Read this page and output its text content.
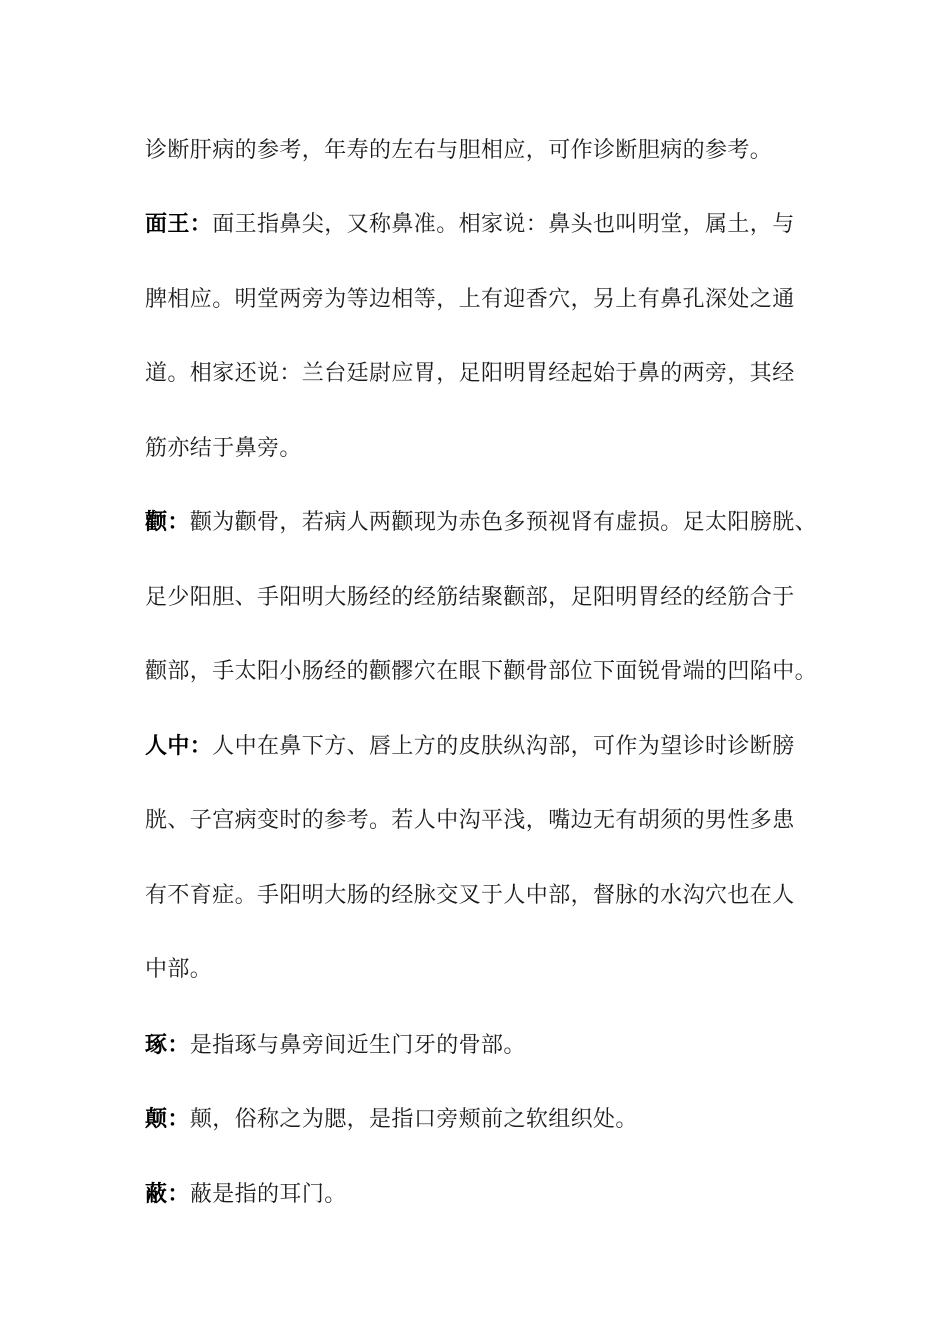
诊断肝病的参考，年寿的左右与胆相应，可作诊断胆病的参考。
面王：面王指鼻尖，又称鼻准。相家说：鼻头也叫明堂，属土，与
脾相应。明堂两旁为等边相等，上有迎香穴，另上有鼻孔深处之通
道。相家还说：兰台廷尉应胃，足阳明胃经起始于鼻的两旁，其经
筋亦结于鼻旁。
颧：颧为颧骨，若病人两颧现为赤色多预视肾有虚损。足太阳膀胱、
足少阳胆、手阳明大肠经的经筋结聚颧部，足阳明胃经的经筋合于
颧部，手太阳小肠经的颧髎穴在眼下颧骨部位下面锐骨端的凹陷中。
人中：人中在鼻下方、唇上方的皮肤纵沟部，可作为望诊时诊断膀
胱、子宫病变时的参考。若人中沟平浅，嘴边无有胡须的男性多患
有不育症。手阳明大肠的经脉交叉于人中部，督脉的水沟穴也在人
中部。
琢：是指琢与鼻旁间近生门牙的骨部。
颠：颠，俗称之为腮，是指口旁颊前之软组织处。
蔽：蔽是指的耳门。
